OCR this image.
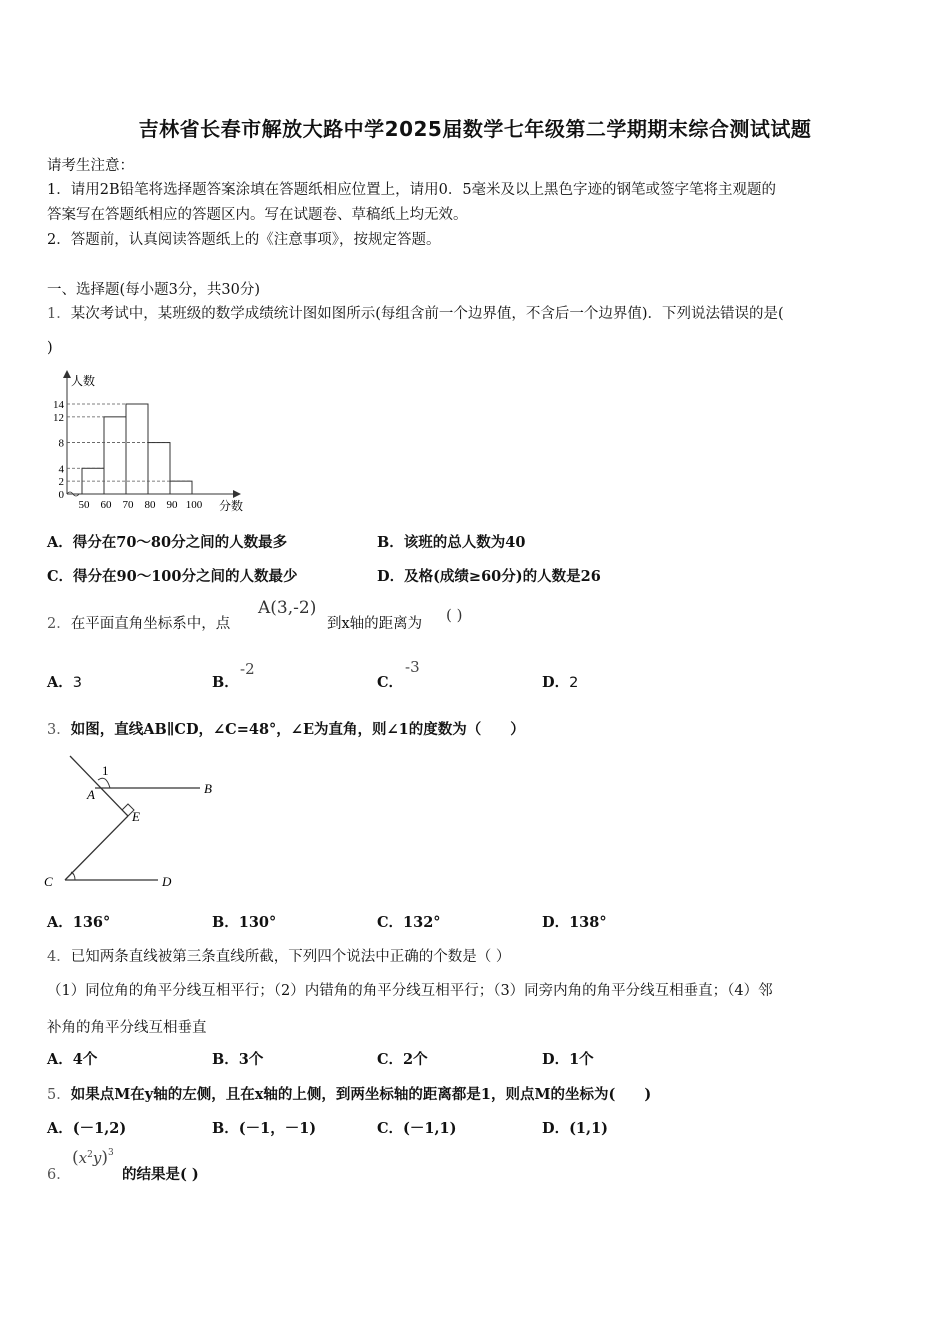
吉林省长春市解放大路中学2025届数学七年级第二学期期末综合测试试题
请考生注意：
1．请用2B铅笔将选择题答案涂填在答题纸相应位置上，请用0．5毫米及以上黑色字迹的钢笔或签字笔将主观题的
答案写在答题纸相应的答题区内。写在试题卷、草稿纸上均无效。
2．答题前，认真阅读答题纸上的《注意事项》，按规定答题。
一、选择题(每小题3分，共30分)
1．某次考试中，某班级的数学成绩统计图如图所示(每组含前一个边界值，不含后一个边界值)．下列说法错误的是(
)
人数
分数
0
2
4
8
12
14
50 60 70 80 90 100
A．得分在70～80分之间的人数最多	B．该班的总人数为40
C．得分在90～100分之间的人数最少	D．及格(成绩≥60分)的人数是26
2．在平面直角坐标系中，点
A(3,-2)
到x轴的距离为 ( )
A．3	B．
-2
C．
-3
D．2
3．如图，直线AB∥CD，∠C=48°，∠E为直角，则∠1的度数为（　　）
1
A	B
E
C	D
A．136°	B．130°	C．132°	D．138°
4．已知两条直线被第三条直线所截，下列四个说法中正确的个数是（ ）
（1）同位角的角平分线互相平行；（2）内错角的角平分线互相平行；（3）同旁内角的角平分线互相垂直；（4）邻
补角的角平分线互相垂直
A．4个	B．3个	C．2个	D．1个
5．如果点M在y轴的左侧，且在x轴的上侧，到两坐标轴的距离都是1，则点M的坐标为(　　)
A．(－1,2)	B．(－1，－1)	C．(－1,1)	D．(1,1)
6．
$(x^2y)^3$
的结果是( )
